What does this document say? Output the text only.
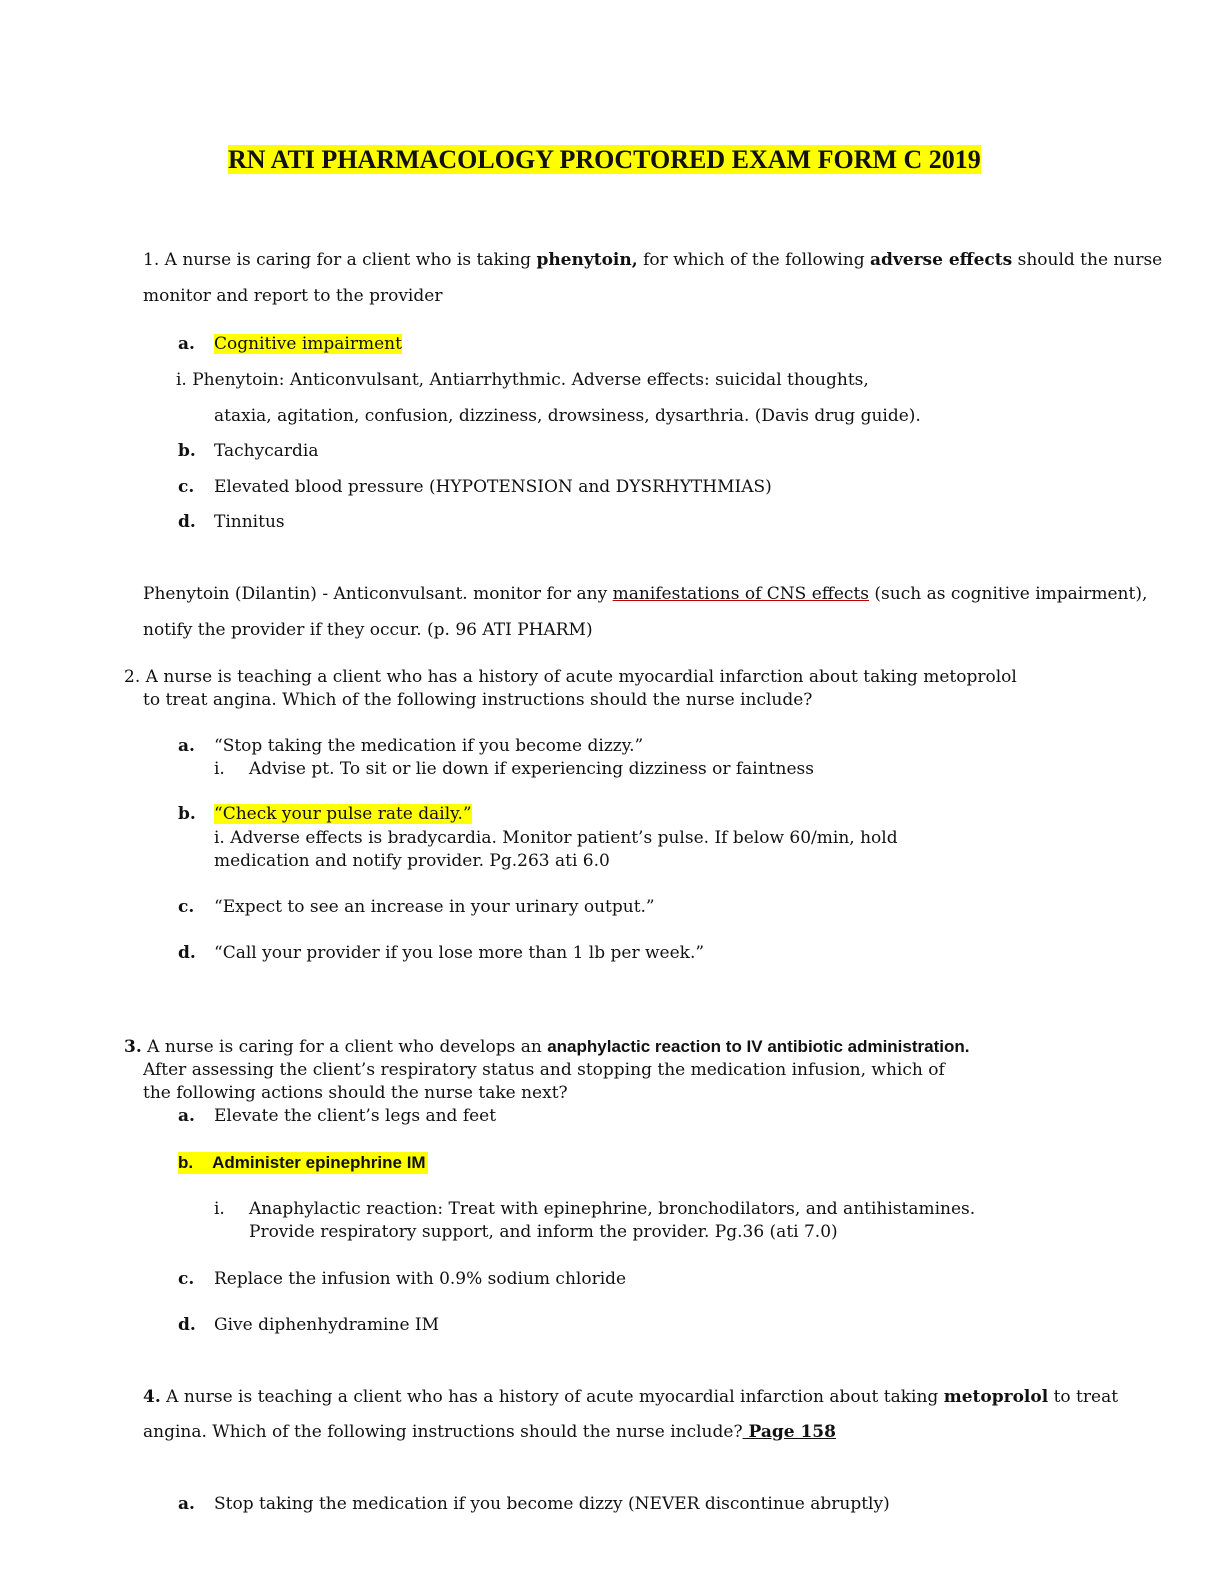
RN ATI PHARMACOLOGY PROCTORED EXAM FORM C 2019
1. A nurse is caring for a client who is taking phenytoin, for which of the following adverse effects should the nurse
monitor and report to the provider
a. Cognitive impairment
i. Phenytoin: Anticonvulsant, Antiarrhythmic. Adverse effects: suicidal thoughts,
ataxia, agitation, confusion, dizziness, drowsiness, dysarthria. (Davis drug guide).
b. Tachycardia
c. Elevated blood pressure (HYPOTENSION and DYSRHYTHMIAS)
d. Tinnitus
Phenytoin (Dilantin) - Anticonvulsant. monitor for any manifestations of CNS effects (such as cognitive impairment),
notify the provider if they occur. (p. 96 ATI PHARM)
2. A nurse is teaching a client who has a history of acute myocardial infarction about taking metoprolol
to treat angina. Which of the following instructions should the nurse include?
a. “Stop taking the medication if you become dizzy.”
i. Advise pt. To sit or lie down if experiencing dizziness or faintness
b. “Check your pulse rate daily.”
i. Adverse effects is bradycardia. Monitor patient’s pulse. If below 60/min, hold
medication and notify provider. Pg.263 ati 6.0
c. “Expect to see an increase in your urinary output.”
d. “Call your provider if you lose more than 1 lb per week.”
3. A nurse is caring for a client who develops an anaphylactic reaction to IV antibiotic administration.
After assessing the client’s respiratory status and stopping the medication infusion, which of
the following actions should the nurse take next?
a. Elevate the client’s legs and feet
b. Administer epinephrine IM
i. Anaphylactic reaction: Treat with epinephrine, bronchodilators, and antihistamines.
Provide respiratory support, and inform the provider. Pg.36 (ati 7.0)
c. Replace the infusion with 0.9% sodium chloride
d. Give diphenhydramine IM
4. A nurse is teaching a client who has a history of acute myocardial infarction about taking metoprolol to treat
angina. Which of the following instructions should the nurse include? Page 158
a. Stop taking the medication if you become dizzy (NEVER discontinue abruptly)
